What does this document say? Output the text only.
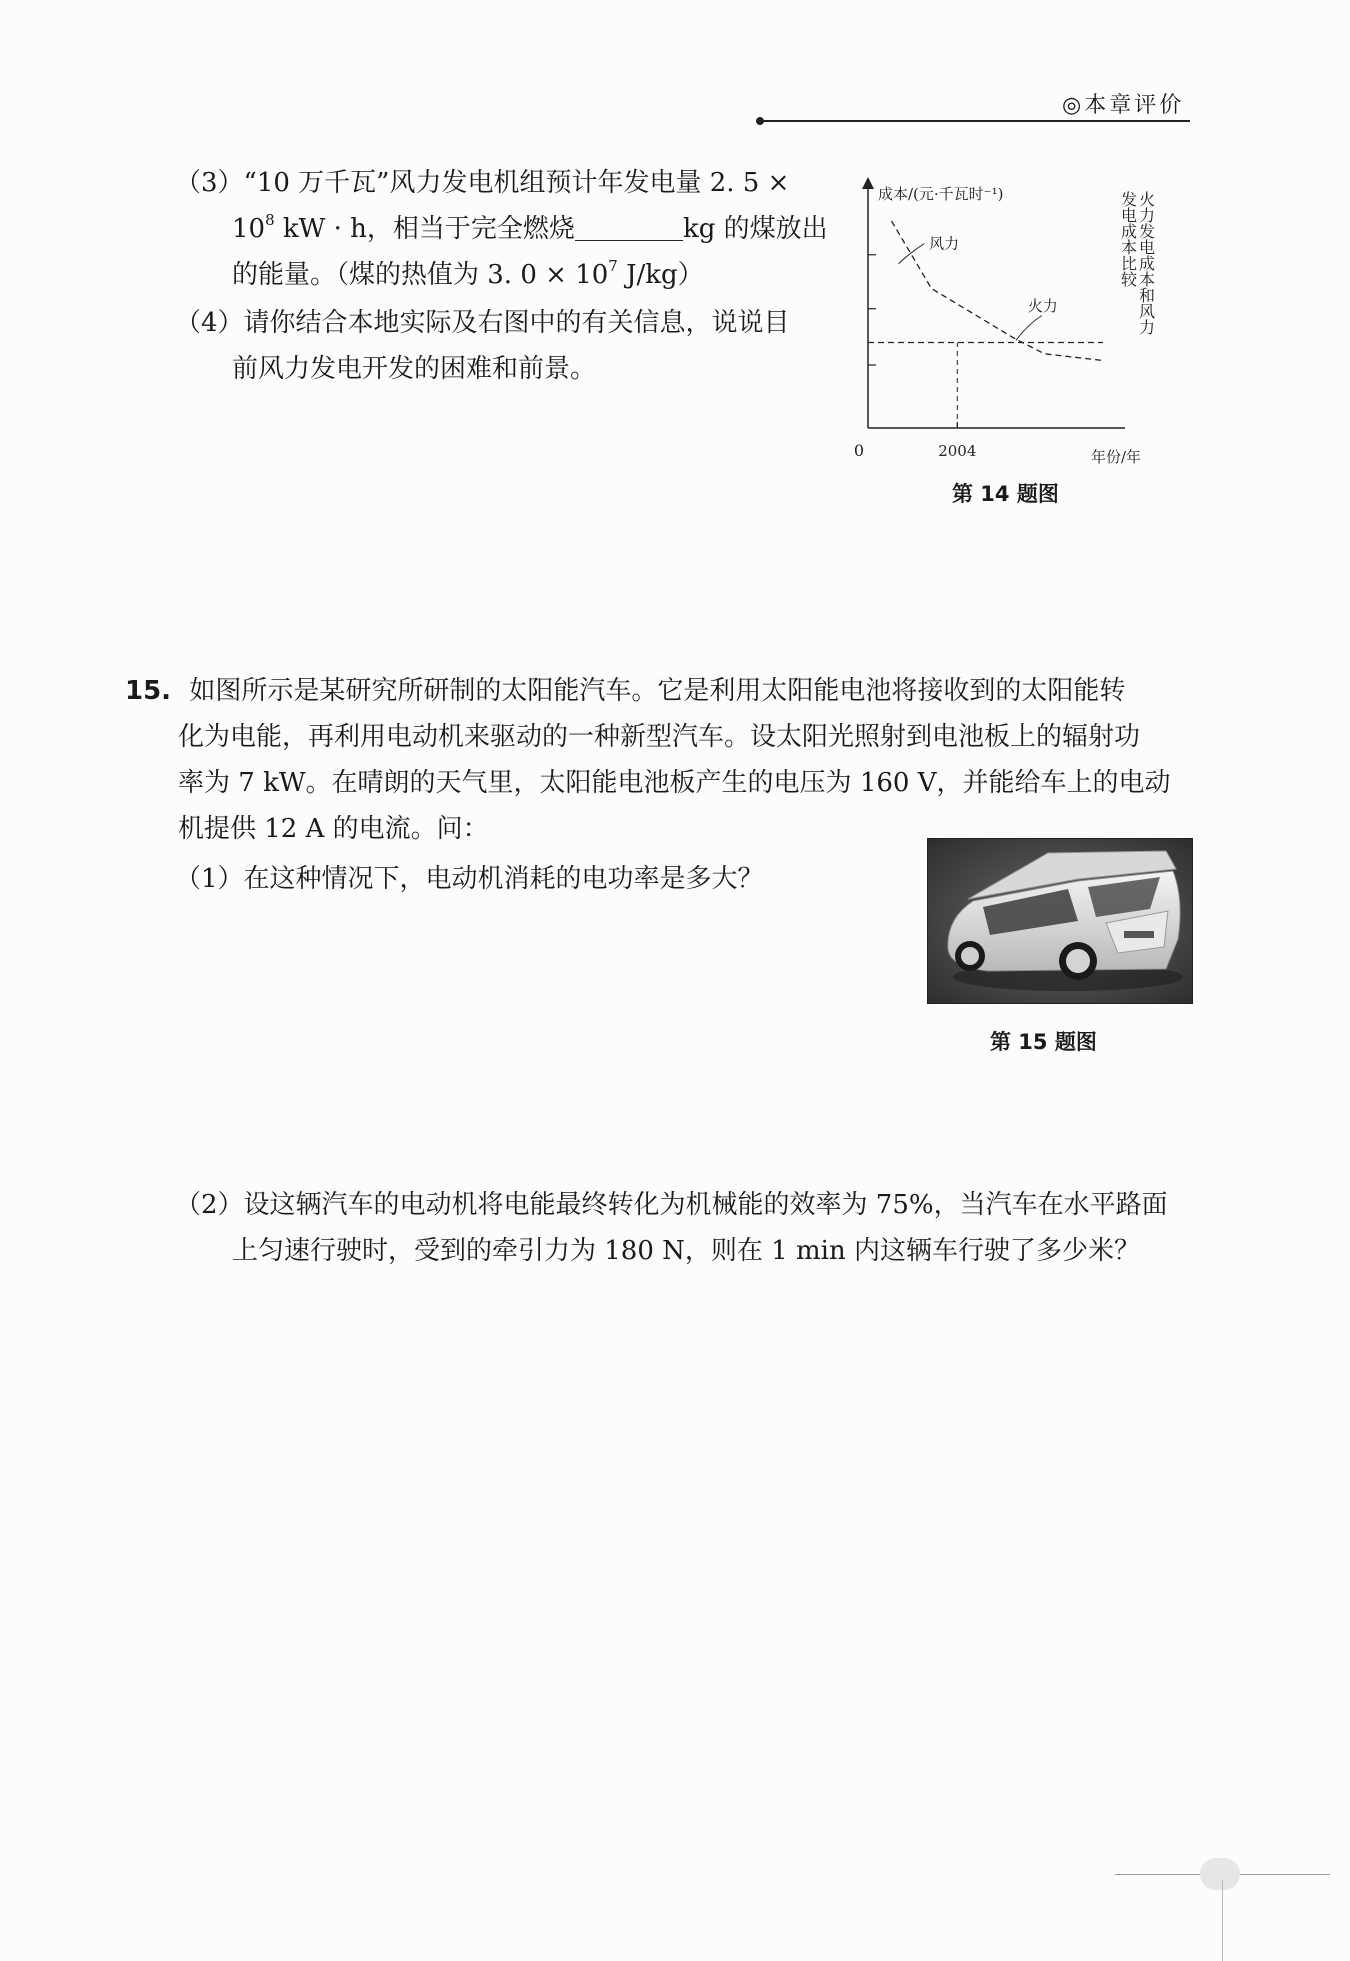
◎本章评价
（3）“10 万千瓦”风力发电机组预计年发电量 2. 5 ×
$10^8$ kW · h，相当于完全燃烧	kg 的煤放出
的能量。（煤的热值为 3. $0 \times 10^7$ J/kg）
（4）请你结合本地实际及右图中的有关信息，说说目
前风力发电开发的困难和前景。
成本/(元·千瓦时⁻¹)
年份/年
0	2004
风力
火力	火力发电成本和风力
发电成本比较
第 14 题图
15. 如图所示是某研究所研制的太阳能汽车。它是利用太阳能电池将接收到的太阳能转
化为电能，再利用电动机来驱动的一种新型汽车。设太阳光照射到电池板上的辐射功
率为 7 kW。在晴朗的天气里，太阳能电池板产生的电压为 160 V，并能给车上的电动
机提供 12 A 的电流。问：
（1）在这种情况下，电动机消耗的电功率是多大？
第 15 题图
（2）设这辆汽车的电动机将电能最终转化为机械能的效率为 75%，当汽车在水平路面
上匀速行驶时，受到的牵引力为 180 N，则在 1 min 内这辆车行驶了多少米？
